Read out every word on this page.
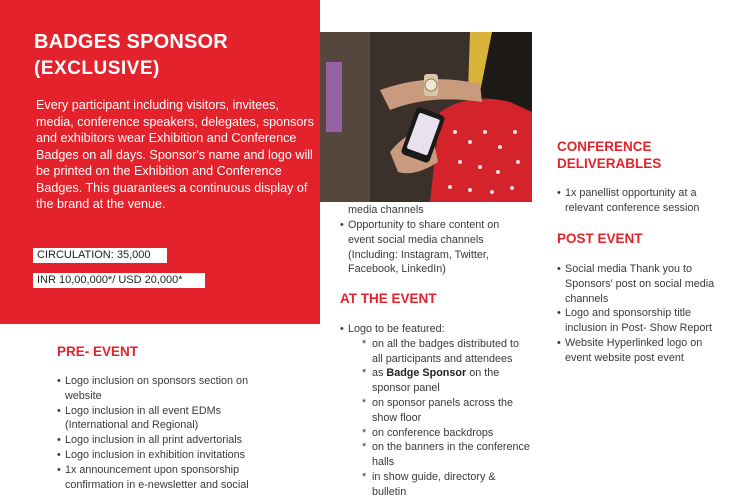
BADGES SPONSOR
(EXCLUSIVE)

Every participant including visitors, invitees, media, conference speakers, delegates, sponsors and exhibitors wear Exhibition and Conference Badges on all days. Sponsor's name and logo will be printed on the Exhibition and Conference Badges. This guarantees a continuous display of the brand at the venue.

CIRCULATION: 35,000
INR 10,00,000*/ USD 20,000*
PRE- EVENT
• Logo inclusion on sponsors section on website
• Logo inclusion in all event EDMs (International and Regional)
• Logo inclusion in all print advertorials
• Logo inclusion in exhibition invitations
• 1x announcement upon sponsorship confirmation in e-newsletter and social

media channels

• Opportunity to share content on event social media channels (Including: Instagram, Twitter, Facebook, LinkedIn)
AT THE EVENT
• Logo to be featured:
* on all the badges distributed to all participants and attendees
* as Badge Sponsor on the sponsor panel
* on sponsor panels across the show floor
* on conference backdrops
* on the banners in the conference halls
* in show guide, directory & bulletin
CONFERENCE DELIVERABLES
• 1x panellist opportunity at a relevant conference session
POST EVENT
• Social media Thank you to Sponsors' post on social media channels
• Logo and sponsorship title inclusion in Post- Show Report
• Website Hyperlinked logo on event website post event
